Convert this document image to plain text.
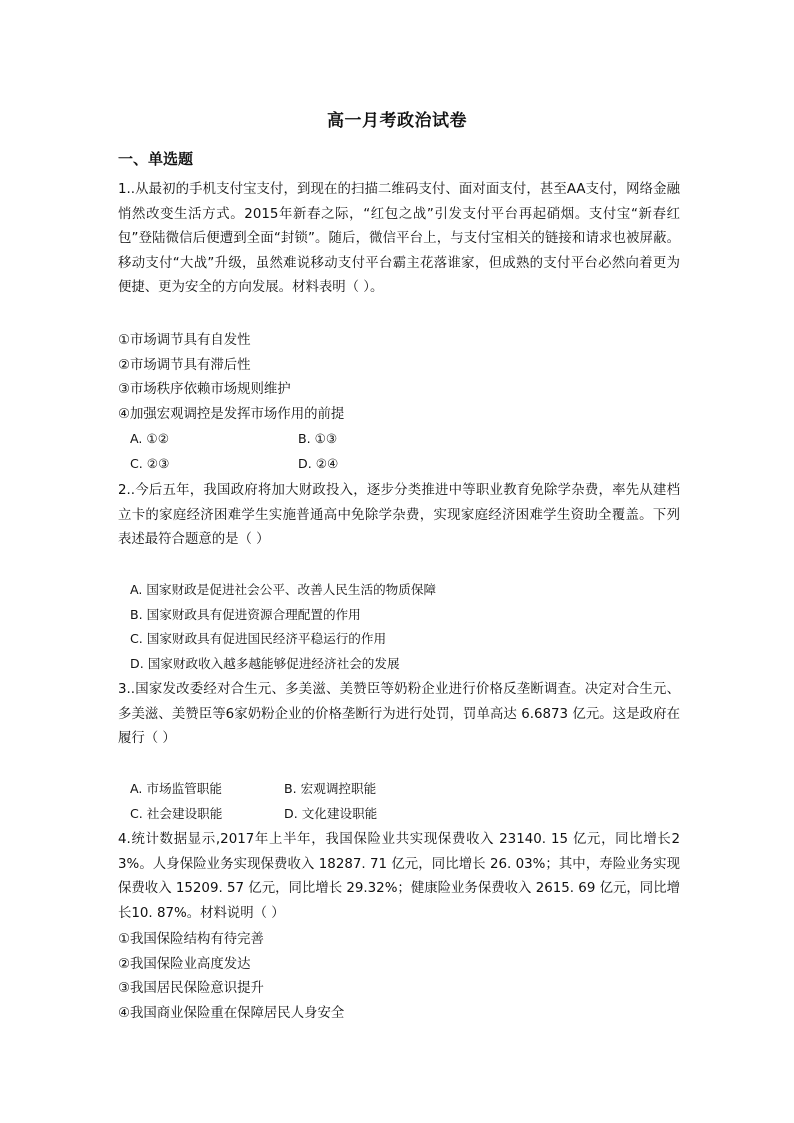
高一月考政治试卷
一、单选题

1..从最初的手机支付宝支付，到现在的扫描二维码支付、面对面支付，甚至AA支付，网络金融悄然改变生活方式。2015年新春之际，“红包之战”引发支付平台再起硝烟。支付宝“新春红包”登陆微信后便遭到全面“封锁”。随后，微信平台上，与支付宝相关的链接和请求也被屏蔽。移动支付“大战”升级，虽然难说移动支付平台霸主花落谁家，但成熟的支付平台必然向着更为便捷、更为安全的方向发展。材料表明（ ）。

①市场调节具有自发性

②市场调节具有滞后性

③市场秩序依赖市场规则维护

④加强宏观调控是发挥市场作用的前提

A. ①②	B. ①③
C. ②③	D. ②④

2..今后五年，我国政府将加大财政投入，逐步分类推进中等职业教育免除学杂费，率先从建档立卡的家庭经济困难学生实施普通高中免除学杂费，实现家庭经济困难学生资助全覆盖。下列表述最符合题意的是（ ）

A. 国家财政是促进社会公平、改善人民生活的物质保障
B. 国家财政具有促进资源合理配置的作用
C. 国家财政具有促进国民经济平稳运行的作用
D. 国家财政收入越多越能够促进经济社会的发展

3..国家发改委经对合生元、多美滋、美赞臣等奶粉企业进行价格反垄断调查。决定对合生元、多美滋、美赞臣等6家奶粉企业的价格垄断行为进行处罚，罚单高达 6.6873 亿元。这是政府在履行（ ）

A. 市场监管职能	B. 宏观调控职能
C. 社会建设职能	D. 文化建设职能

4.统计数据显示,2017年上半年，我国保险业共实现保费收入 23140. 15 亿元，同比增长23%。人身保险业务实现保费收入 18287. 71 亿元，同比增长 26. 03%；其中，寿险业务实现保费收入 15209. 57 亿元，同比增长 29.32%；健康险业务保费收入 2615. 69 亿元，同比增长10. 87%。材料说明（ ）

①我国保险结构有待完善

②我国保险业高度发达

③我国居民保险意识提升

④我国商业保险重在保障居民人身安全
